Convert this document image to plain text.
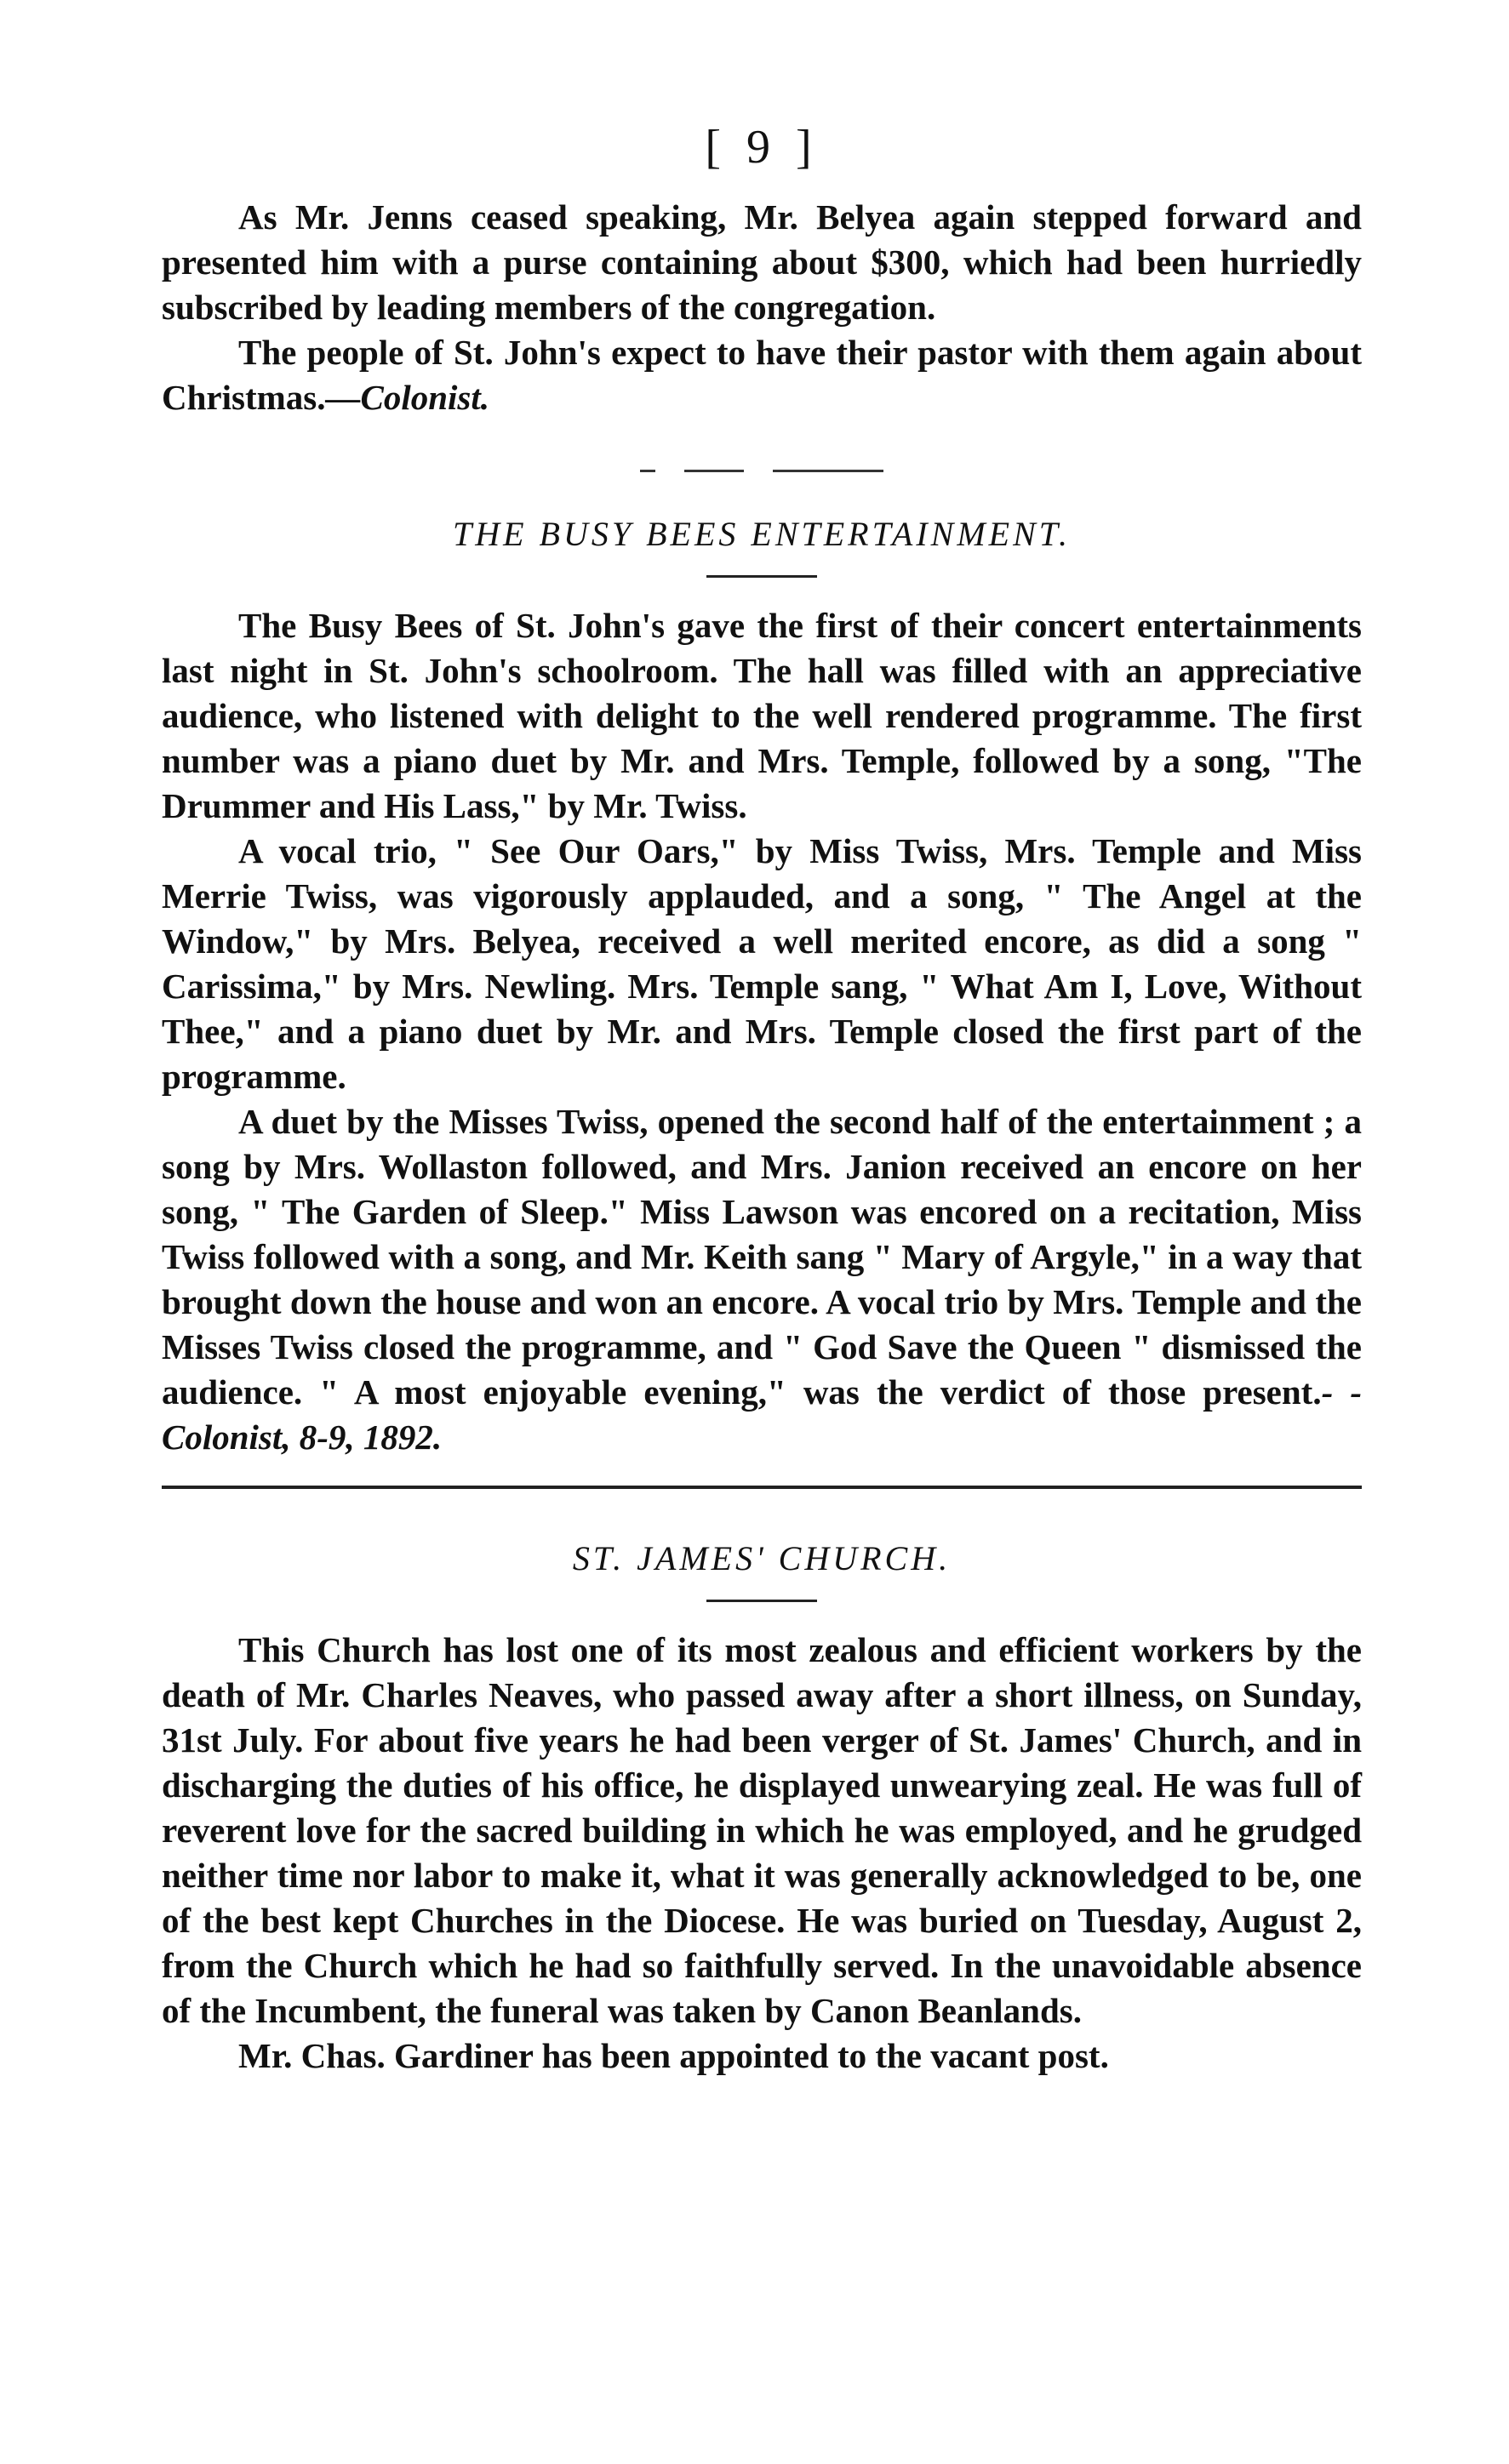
[ 9 ]

As Mr. Jenns ceased speaking, Mr. Belyea again stepped forward and presented him with a purse containing about $300, which had been hurriedly subscribed by leading members of the congregation.

The people of St. John's expect to have their pastor with them again about Christmas.—Colonist.

THE BUSY BEES ENTERTAINMENT.

The Busy Bees of St. John's gave the first of their concert entertainments last night in St. John's schoolroom. The hall was filled with an appreciative audience, who listened with delight to the well rendered programme. The first number was a piano duet by Mr. and Mrs. Temple, followed by a song, "The Drummer and His Lass," by Mr. Twiss.

A vocal trio, " See Our Oars," by Miss Twiss, Mrs. Temple and Miss Merrie Twiss, was vigorously applauded, and a song, " The Angel at the Window," by Mrs. Belyea, received a well merited encore, as did a song " Carissima," by Mrs. Newling. Mrs. Temple sang, " What Am I, Love, Without Thee," and a piano duet by Mr. and Mrs. Temple closed the first part of the programme.

A duet by the Misses Twiss, opened the second half of the entertainment ; a song by Mrs. Wollaston followed, and Mrs. Janion received an encore on her song, " The Garden of Sleep." Miss Lawson was encored on a recitation, Miss Twiss followed with a song, and Mr. Keith sang " Mary of Argyle," in a way that brought down the house and won an encore. A vocal trio by Mrs. Temple and the Misses Twiss closed the programme, and " God Save the Queen " dismissed the audience. " A most enjoyable evening," was the verdict of those present.- -Colonist, 8-9, 1892.

ST. JAMES' CHURCH.

This Church has lost one of its most zealous and efficient workers by the death of Mr. Charles Neaves, who passed away after a short illness, on Sunday, 31st July. For about five years he had been verger of St. James' Church, and in discharging the duties of his office, he displayed unwearying zeal. He was full of reverent love for the sacred building in which he was employed, and he grudged neither time nor labor to make it, what it was generally acknowledged to be, one of the best kept Churches in the Diocese. He was buried on Tuesday, August 2, from the Church which he had so faithfully served. In the unavoidable absence of the Incumbent, the funeral was taken by Canon Beanlands.

Mr. Chas. Gardiner has been appointed to the vacant post.
